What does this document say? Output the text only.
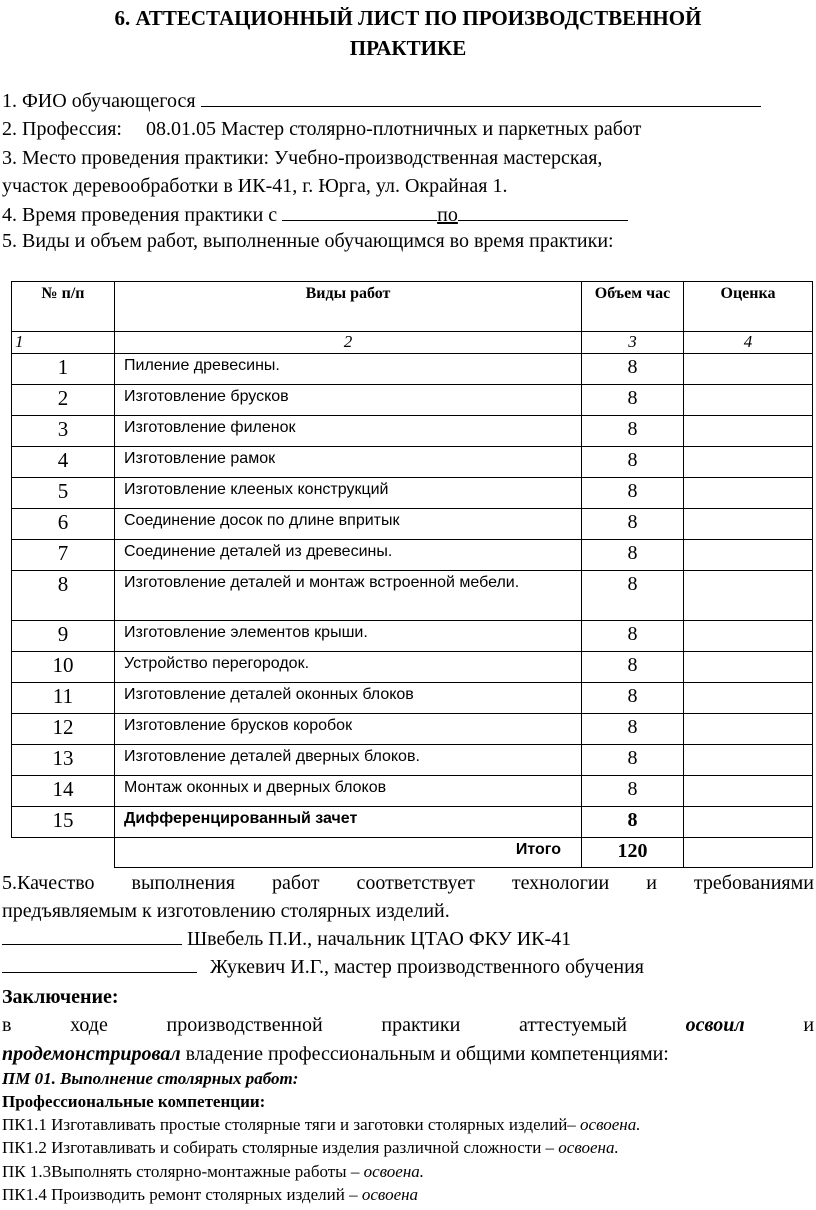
6. АТТЕСТАЦИОННЫЙ ЛИСТ ПО ПРОИЗВОДСТВЕННОЙ
ПРАКТИКЕ
1. ФИО обучающегося
2. Профессия: 08.01.05 Мастер столярно-плотничных и паркетных работ
3. Место проведения практики: Учебно-производственная мастерская,
участок деревообработки в ИК-41, г. Юрга, ул. Окрайная 1.
4. Время проведения практики с	по
5. Виды и объем работ, выполненные обучающимся во время практики:
№ п/п	Виды работ	Объем час	Оценка
1	2	3	4
1	Пиление древесины.	8	
2	Изготовление брусков	8	
3	Изготовление филенок	8	
4	Изготовление рамок	8	
5	Изготовление клееных конструкций	8	
6	Соединение досок по длине впритык	8	
7	Соединение деталей из древесины.	8	
8	Изготовление деталей и монтаж встроенной мебели.	8	
9	Изготовление элементов крыши.	8	
10	Устройство перегородок.	8	
11	Изготовление деталей оконных блоков	8	
12	Изготовление брусков коробок	8	
13	Изготовление деталей дверных блоков.	8	
14	Монтаж оконных и дверных блоков	8	
15	Дифференцированный зачет	8	
	Итого	120	
5.Качество выполнения работ соответствует технологии и требованиями
предъявляемым к изготовлению столярных изделий.
Швебель П.И., начальник ЦТАО ФКУ ИК-41
Жукевич И.Г., мастер производственного обучения
Заключение:
в ходе производственной практики аттестуемый	освоил	и
продемонстрировал владение профессиональным и общими компетенциями:
ПМ 01. Выполнение столярных работ:
Профессиональные компетенции:
ПК1.1 Изготавливать простые столярные тяги и заготовки столярных изделий– освоена.
ПК1.2 Изготавливать и собирать столярные изделия различной сложности – освоена.
ПК 1.3Выполнять столярно-монтажные работы – освоена.
ПК1.4 Производить ремонт столярных изделий – освоена
